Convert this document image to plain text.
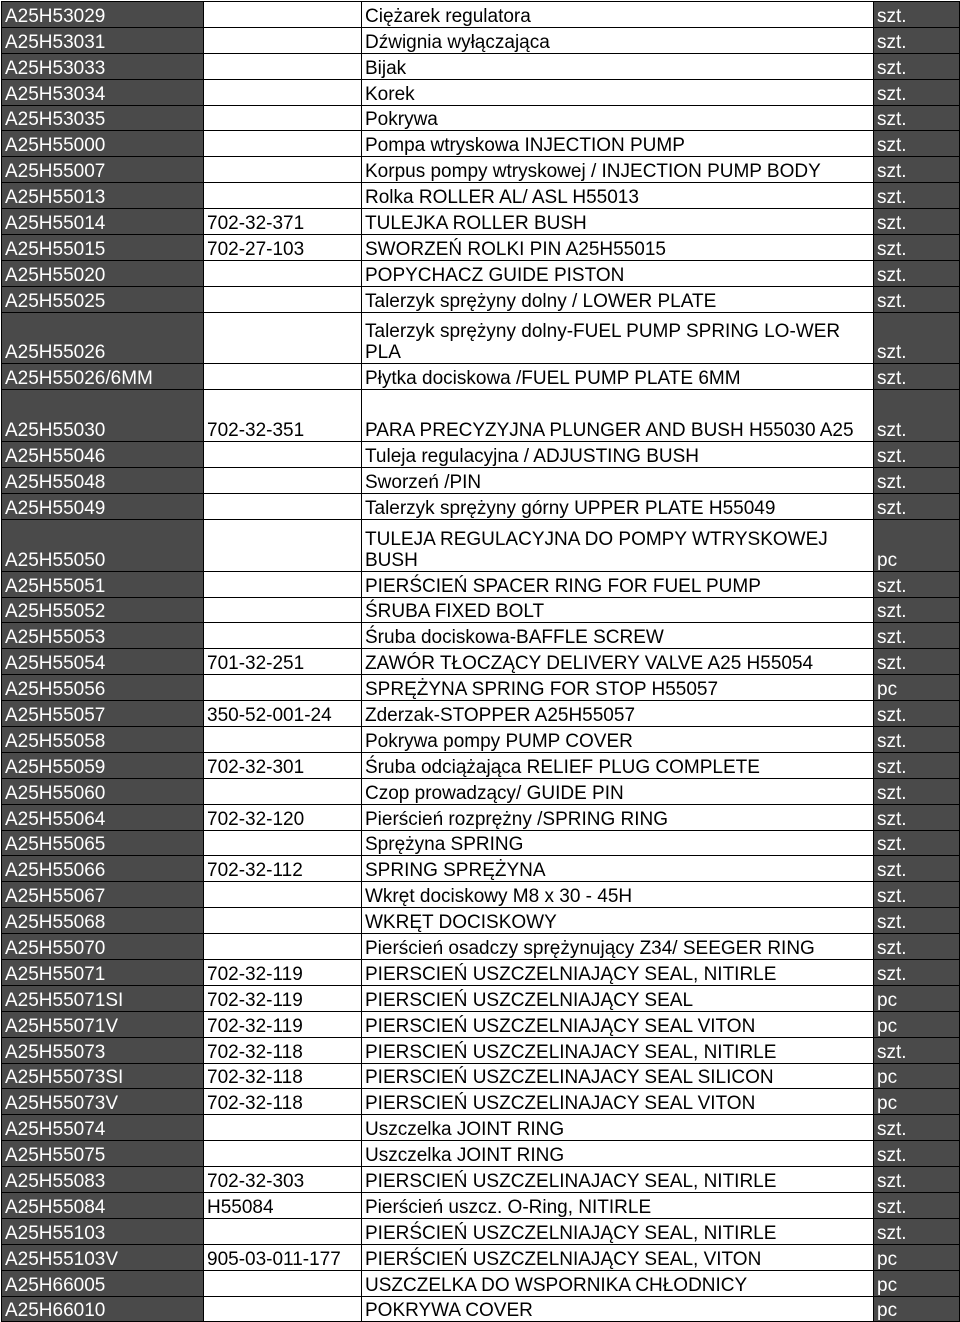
A25H53029		Ciężarek regulatora	szt.
A25H53031		Dźwignia wyłączająca	szt.
A25H53033		Bijak	szt.
A25H53034		Korek	szt.
A25H53035		Pokrywa	szt.
A25H55000		Pompa wtryskowa INJECTION PUMP	szt.
A25H55007		Korpus pompy wtryskowej / INJECTION PUMP BODY	szt.
A25H55013		Rolka ROLLER AL/ ASL H55013	szt.
A25H55014	702-32-371	TULEJKA ROLLER BUSH	szt.
A25H55015	702-27-103	SWORZEŃ ROLKI PIN A25H55015	szt.
A25H55020		POPYCHACZ GUIDE PISTON	szt.
A25H55025		Talerzyk sprężyny dolny / LOWER PLATE	szt.
A25H55026		Talerzyk sprężyny dolny-FUEL PUMP SPRING LO-WER PLA	szt.
A25H55026/6MM		Płytka dociskowa /FUEL PUMP PLATE 6MM	szt.
A25H55030	702-32-351	PARA PRECYZYJNA PLUNGER AND BUSH H55030 A25	szt.
A25H55046		Tuleja regulacyjna / ADJUSTING BUSH	szt.
A25H55048		Sworzeń /PIN	szt.
A25H55049		Talerzyk sprężyny górny UPPER PLATE H55049	szt.
A25H55050		TULEJA REGULACYJNA DO POMPY WTRYSKOWEJ BUSH	pc
A25H55051		PIERŚCIEŃ SPACER RING FOR FUEL PUMP	szt.
A25H55052		ŚRUBA FIXED BOLT	szt.
A25H55053		Śruba dociskowa-BAFFLE SCREW	szt.
A25H55054	701-32-251	ZAWÓR TŁOCZĄCY DELIVERY VALVE A25 H55054	szt.
A25H55056		SPRĘŻYNA SPRING FOR STOP H55057	pc
A25H55057	350-52-001-24	Zderzak-STOPPER A25H55057	szt.
A25H55058		Pokrywa pompy PUMP COVER	szt.
A25H55059	702-32-301	Śruba odciążająca RELIEF PLUG COMPLETE	szt.
A25H55060		Czop prowadzący/ GUIDE PIN	szt.
A25H55064	702-32-120	Pierścień rozprężny /SPRING RING	szt.
A25H55065		Sprężyna SPRING	szt.
A25H55066	702-32-112	SPRING SPRĘŻYNA	szt.
A25H55067		Wkręt dociskowy M8 x 30 - 45H	szt.
A25H55068		WKRĘT DOCISKOWY	szt.
A25H55070		Pierścień osadczy sprężynujący Z34/ SEEGER RING	szt.
A25H55071	702-32-119	PIERSCIEŃ USZCZELNIAJĄCY SEAL, NITIRLE	szt.
A25H55071SI	702-32-119	PIERSCIEŃ USZCZELNIAJĄCY SEAL	pc
A25H55071V	702-32-119	PIERSCIEŃ USZCZELNIAJĄCY SEAL VITON	pc
A25H55073	702-32-118	PIERSCIEŃ USZCZELINAJACY SEAL, NITIRLE	szt.
A25H55073SI	702-32-118	PIERSCIEŃ USZCZELINAJACY SEAL SILICON	pc
A25H55073V	702-32-118	PIERSCIEŃ USZCZELINAJACY SEAL VITON	pc
A25H55074		Uszczelka JOINT RING	szt.
A25H55075		Uszczelka JOINT RING	szt.
A25H55083	702-32-303	PIERSCIEŃ USZCZELINAJACY SEAL, NITIRLE	szt.
A25H55084	H55084	Pierścień uszcz. O-Ring, NITIRLE	szt.
A25H55103		PIERŚCIEŃ USZCZELNIAJĄCY SEAL, NITIRLE	szt.
A25H55103V	905-03-011-177	PIERŚCIEŃ USZCZELNIAJĄCY SEAL, VITON	pc
A25H66005		USZCZELKA DO WSPORNIKA CHŁODNICY	pc
A25H66010		POKRYWA COVER	pc
